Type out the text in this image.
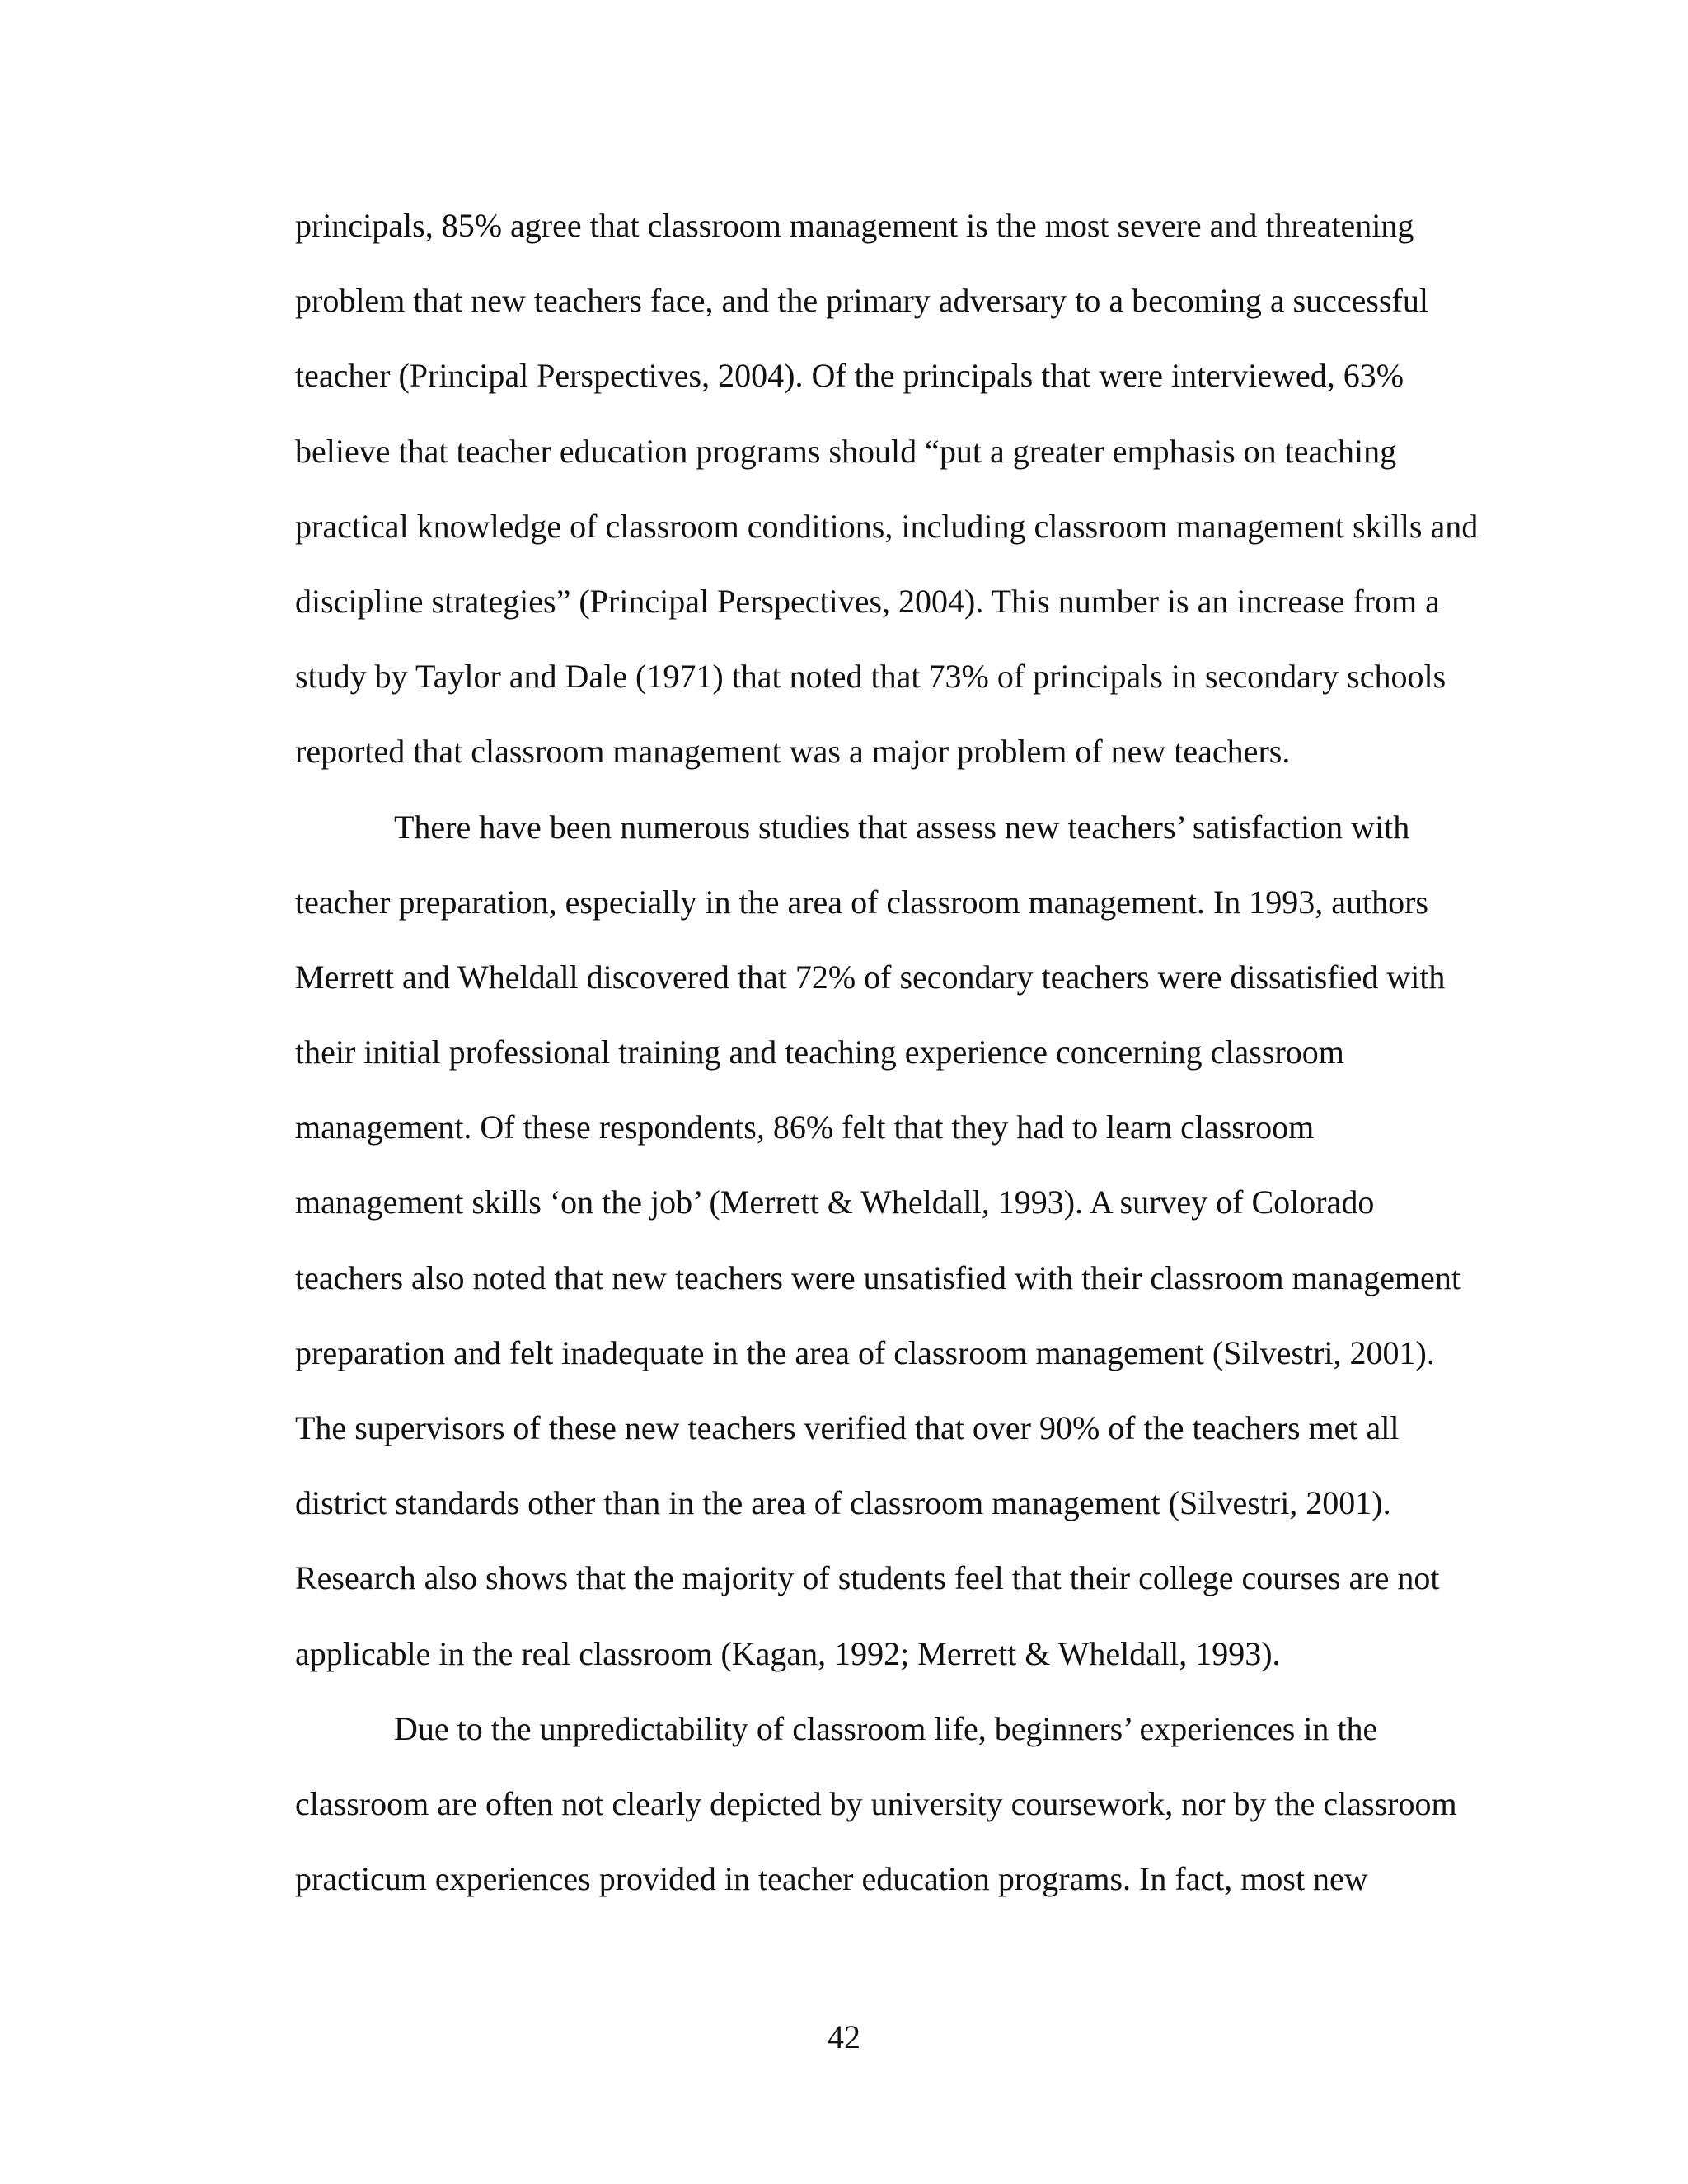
principals, 85% agree that classroom management is the most severe and threatening
problem that new teachers face, and the primary adversary to a becoming a successful
teacher (Principal Perspectives, 2004). Of the principals that were interviewed, 63%
believe that teacher education programs should “put a greater emphasis on teaching
practical knowledge of classroom conditions, including classroom management skills and
discipline strategies” (Principal Perspectives, 2004). This number is an increase from a
study by Taylor and Dale (1971) that noted that 73% of principals in secondary schools
reported that classroom management was a major problem of new teachers.
There have been numerous studies that assess new teachers’ satisfaction with
teacher preparation, especially in the area of classroom management. In 1993, authors
Merrett and Wheldall discovered that 72% of secondary teachers were dissatisfied with
their initial professional training and teaching experience concerning classroom
management. Of these respondents, 86% felt that they had to learn classroom
management skills ‘on the job’ (Merrett & Wheldall, 1993). A survey of Colorado
teachers also noted that new teachers were unsatisfied with their classroom management
preparation and felt inadequate in the area of classroom management (Silvestri, 2001).
The supervisors of these new teachers verified that over 90% of the teachers met all
district standards other than in the area of classroom management (Silvestri, 2001).
Research also shows that the majority of students feel that their college courses are not
applicable in the real classroom (Kagan, 1992; Merrett & Wheldall, 1993).
Due to the unpredictability of classroom life, beginners’ experiences in the
classroom are often not clearly depicted by university coursework, nor by the classroom
practicum experiences provided in teacher education programs. In fact, most new
42
